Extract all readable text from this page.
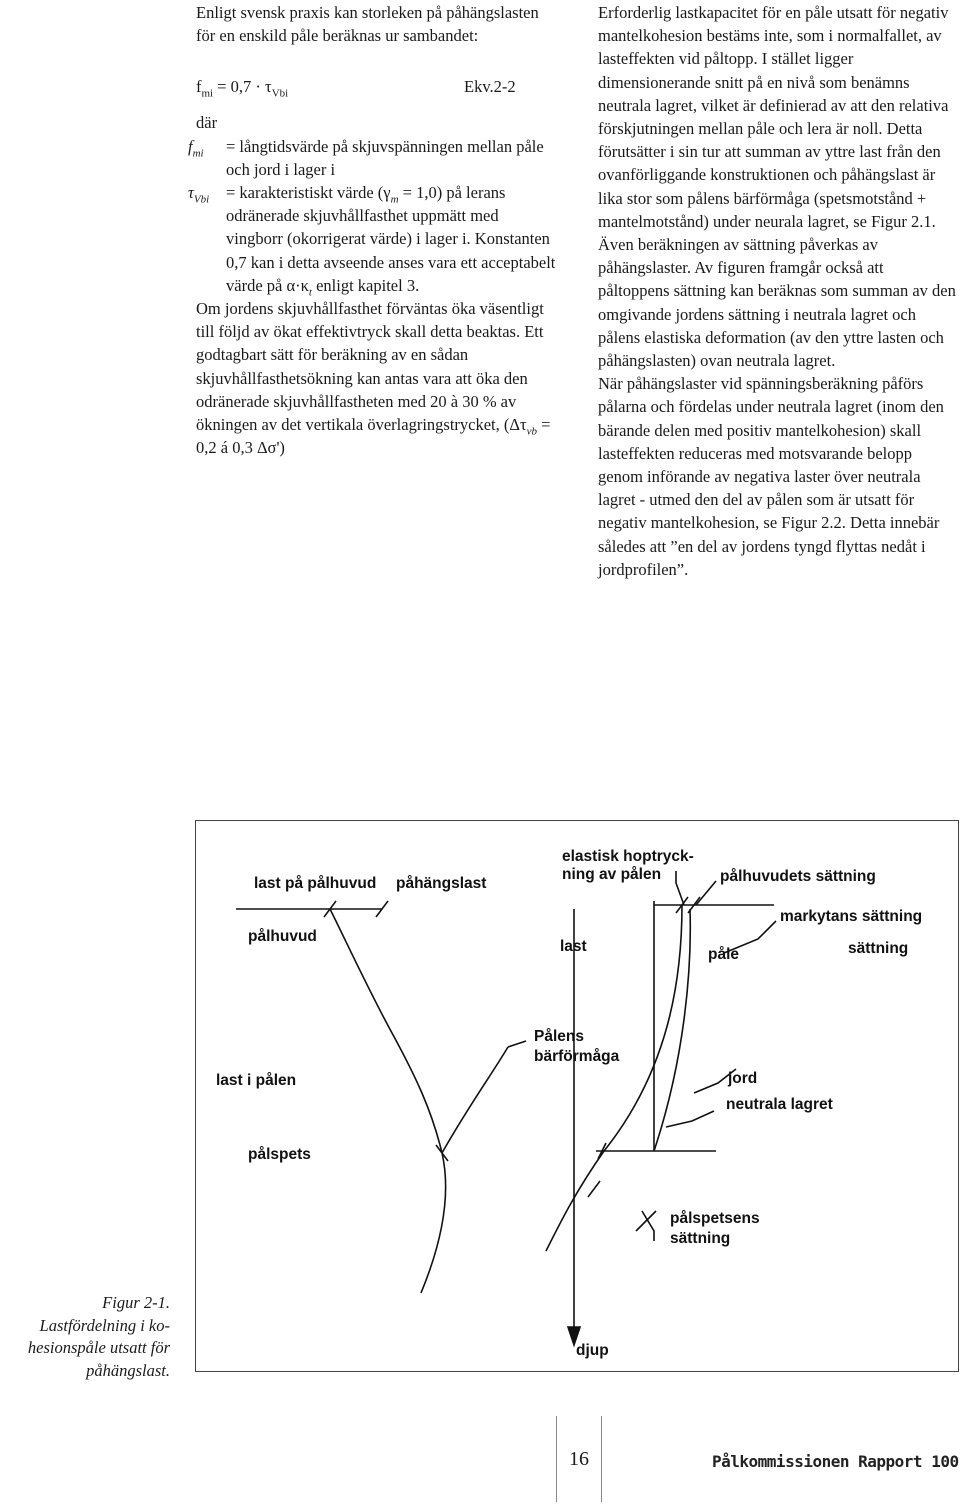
Enligt svensk praxis kan storleken på påhängslasten för en enskild påle beräknas ur sambandet:

$f_{mi} = 0,7 \cdot \tau_{Vbi}$	Ekv.2-2

där

$f_{mi}$	= långtidsvärde på skjuvspänningen mellan påle och jord i lager i
$\tau_{Vbi}$	= karakteristiskt värde $(\gamma_m = 1,0)$ på lerans odränerade skjuvhållfasthet uppmätt med vingborr (okorrigerat värde) i lager i. Konstanten 0,7 kan i detta avseende anses vara ett acceptabelt värde på $\alpha\cdot\kappa_t$ enligt kapitel 3.

Om jordens skjuvhållfasthet förväntas öka väsentligt till följd av ökat effektivtryck skall detta beaktas. Ett godtagbart sätt för beräkning av en sådan skjuvhållfasthetsökning kan antas vara att öka den odränerade skjuvhållfastheten med 20 à 30 % av ökningen av det vertikala överlagringstrycket, ($\Delta\tau_{vb} = 0,2$ á 0,3 Δσ')

Erforderlig lastkapacitet för en påle utsatt för negativ mantelkohesion bestäms inte, som i normalfallet, av lasteffekten vid påltopp. I stället ligger dimensionerande snitt på en nivå som benämns neutrala lagret, vilket är definierad av att den relativa förskjutningen mellan påle och lera är noll. Detta förutsätter i sin tur att summan av yttre last från den ovanförliggande konstruktionen och påhängslast är lika stor som pålens bärförmåga (spetsmotstånd + mantelmotstånd) under neurala lagret, se Figur 2.1. Även beräkningen av sättning påverkas av påhängslaster. Av figuren framgår också att påltoppens sättning kan beräknas som summan av den omgivande jordens sättning i neutrala lagret och pålens elastiska deformation (av den yttre lasten och påhängslasten) ovan neutrala lagret.

När påhängslaster vid spänningsberäkning påförs pålarna och fördelas under neutrala lagret (inom den bärande delen med positiv mantelkohesion) skall lasteffekten reduceras med motsvarande belopp genom införande av negativa laster över neutrala lagret - utmed den del av pålen som är utsatt för negativ mantelkohesion, se Figur 2.2. Detta innebär således att ”en del av jordens tyngd flyttas nedåt i jordprofilen”.

last på pålhuvud påhängslast
pålhuvud
last
elastisk hoptryck-
ning av pålen	pålhuvudets sättning
markytans sättning
påle	sättning
Pålens
bärförmåga
last i pålen	jord
neutrala lagret
pålspets
pålspetsens
sättning
djup
Figur 2-1.
Lastfördelning i ko-
hesionspåle utsatt för
påhängslast.
16	Pålkommissionen Rapport 100
